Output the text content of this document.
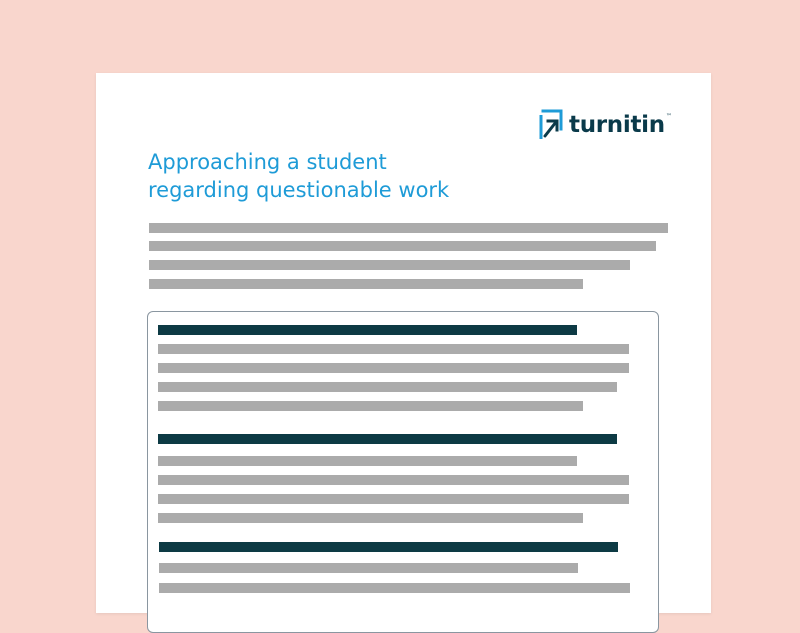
turnitin ™
Approaching a student
regarding questionable work
